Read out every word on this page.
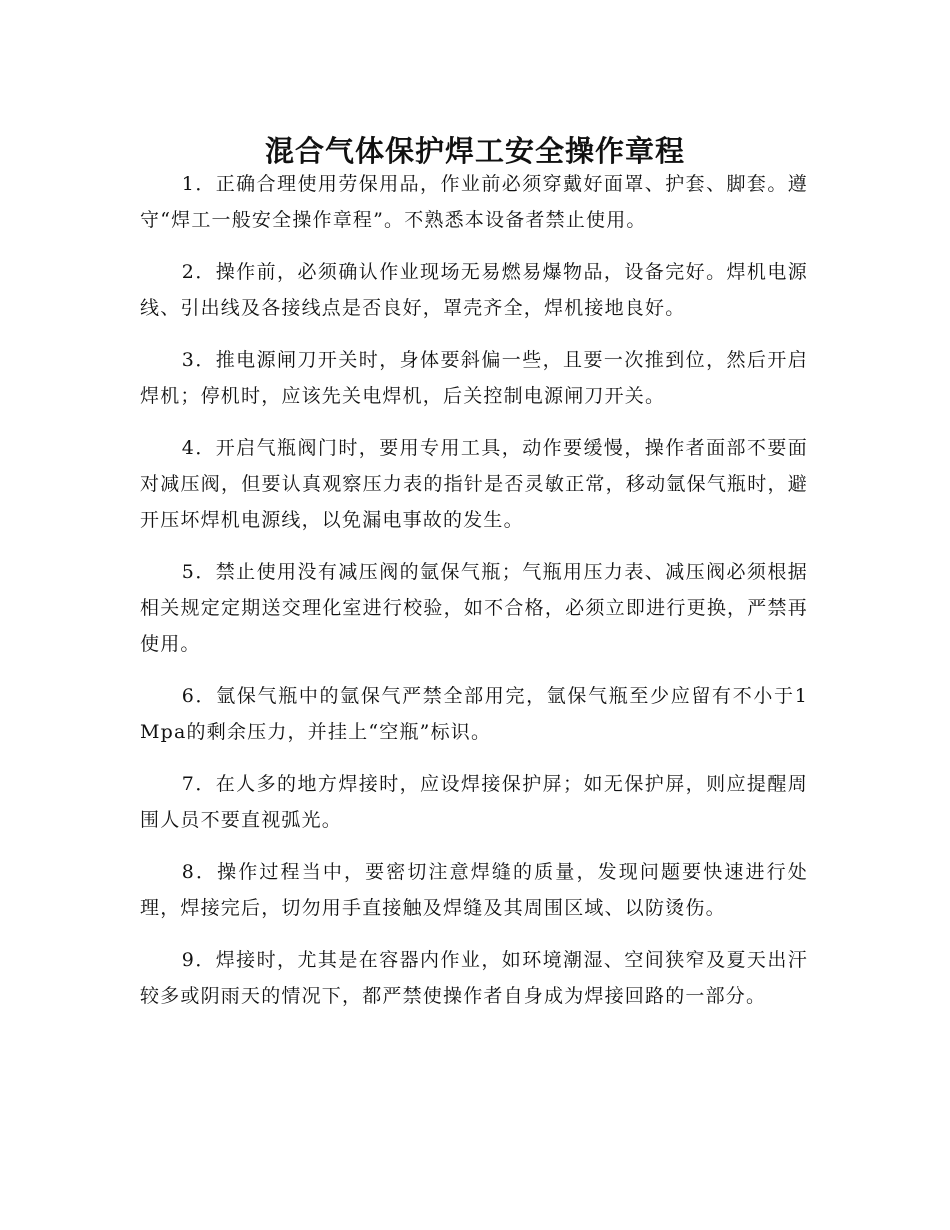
混合气体保护焊工安全操作章程

1．正确合理使用劳保用品，作业前必须穿戴好面罩、护套、脚套。遵守“焊工一般安全操作章程”。不熟悉本设备者禁止使用。

2．操作前，必须确认作业现场无易燃易爆物品，设备完好。焊机电源线、引出线及各接线点是否良好，罩壳齐全，焊机接地良好。

3．推电源闸刀开关时，身体要斜偏一些，且要一次推到位，然后开启焊机；停机时，应该先关电焊机，后关控制电源闸刀开关。

4．开启气瓶阀门时，要用专用工具，动作要缓慢，操作者面部不要面对减压阀，但要认真观察压力表的指针是否灵敏正常，移动氩保气瓶时，避开压坏焊机电源线，以免漏电事故的发生。

5．禁止使用没有减压阀的氩保气瓶；气瓶用压力表、减压阀必须根据相关规定定期送交理化室进行校验，如不合格，必须立即进行更换，严禁再使用。

6．氩保气瓶中的氩保气严禁全部用完，氩保气瓶至少应留有不小于1Mpa的剩余压力，并挂上“空瓶”标识。

7．在人多的地方焊接时，应设焊接保护屏；如无保护屏，则应提醒周围人员不要直视弧光。

8．操作过程当中，要密切注意焊缝的质量，发现问题要快速进行处理，焊接完后，切勿用手直接触及焊缝及其周围区域、以防烫伤。

9．焊接时，尤其是在容器内作业，如环境潮湿、空间狭窄及夏天出汗较多或阴雨天的情况下，都严禁使操作者自身成为焊接回路的一部分。
